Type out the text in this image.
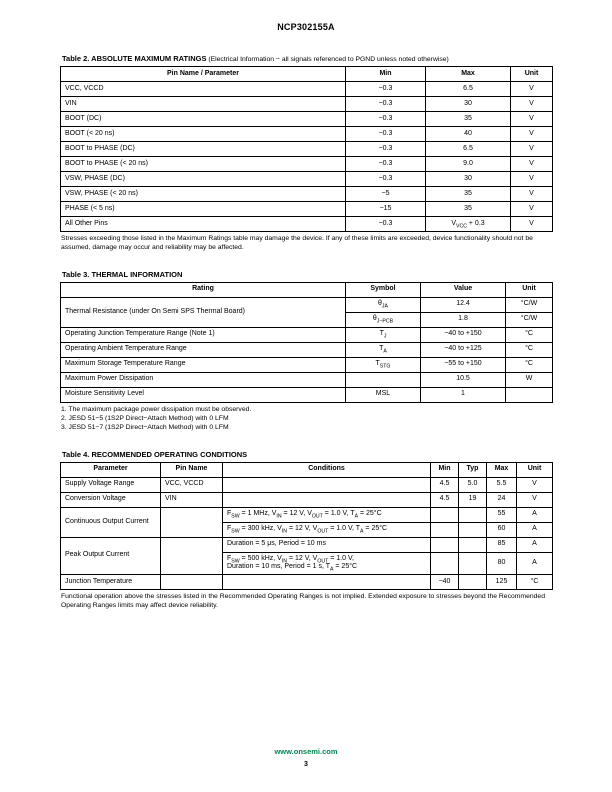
NCP302155A
Table 2. ABSOLUTE MAXIMUM RATINGS (Electrical Information − all signals referenced to PGND unless noted otherwise)
Pin Name / Parameter	Min	Max	Unit
VCC, VCCD	−0.3	6.5	V
VIN	−0.3	30	V
BOOT (DC)	−0.3	35	V
BOOT (< 20 ns)	−0.3	40	V
BOOT to PHASE (DC)	−0.3	6.5	V
BOOT to PHASE (< 20 ns)	−0.3	9.0	V
VSW, PHASE (DC)	−0.3	30	V
VSW, PHASE (< 20 ns)	−5	35	V
PHASE (< 5 ns)	−15	35	V
All Other Pins	−0.3	$V_{VCC} + 0.3$	V
Stresses exceeding those listed in the Maximum Ratings table may damage the device. If any of these limits are exceeded, device functionality should not be assumed, damage may occur and reliability may be affected.
Table 3. THERMAL INFORMATION
Rating	Symbol	Value	Unit
Thermal Resistance (under On Semi SPS Thermal Board)	$\theta_{JA}$	12.4	°C/W
	$\theta_{J-PCB}$	1.8	°C/W
Operating Junction Temperature Range (Note 1)	$T_J$	−40 to +150	°C
Operating Ambient Temperature Range	$T_A$	−40 to +125	°C
Maximum Storage Temperature Range	$T_{STG}$	−55 to +150	°C
Maximum Power Dissipation		10.5	W
Moisture Sensitivity Level	MSL	1	
1. The maximum package power dissipation must be observed.
2. JESD 51−5 (1S2P Direct−Attach Method) with 0 LFM
3. JESD 51−7 (1S2P Direct−Attach Method) with 0 LFM
Table 4. RECOMMENDED OPERATING CONDITIONS
Parameter	Pin Name	Conditions	Min	Typ	Max	Unit
Supply Voltage Range	VCC, VCCD		4.5	5.0	5.5	V
Conversion Voltage	VIN		4.5	19	24	V
Continuous Output Current		$F_{SW} = 1$ MHz, $V_{IN} = 12$ V, $V_{OUT} = 1.0$ V, $T_A = 25^\circ C$			55	A
		$F_{SW} = 300$ kHz, $V_{IN} = 12$ V, $V_{OUT} = 1.0$ V, $T_A = 25^\circ C$			60	A
Peak Output Current		Duration = 5 μs, Period = 10 ms			85	A
		$F_{SW} = 500$ kHz, $V_{IN} = 12$ V, $V_{OUT} = 1.0$ V,
Duration = 10 ms, Period = 1 s, $T_A = 25^\circ C$			80	A
Junction Temperature			−40		125	°C
Functional operation above the stresses listed in the Recommended Operating Ranges is not implied. Extended exposure to stresses beyond the Recommended Operating Ranges limits may affect device reliability.
www.onsemi.com
3
